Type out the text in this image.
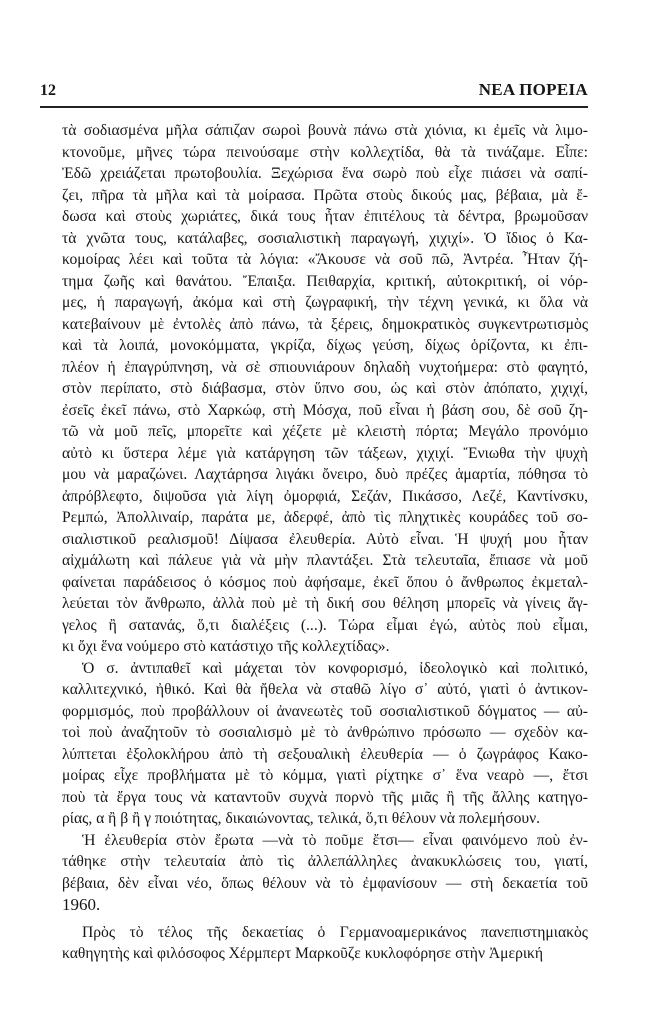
12	ΝΕΑ ΠΟΡΕΙΑ
τὰ σοδιασμένα μῆλα σάπιζαν σωροὶ βουνὰ πάνω στὰ χιόνια, κι ἐμεῖς νὰ λιμο-
κτονοῦμε, μῆνες τώρα πεινούσαμε στὴν κολλεχτίδα, θὰ τὰ τινάζαμε. Εἶπε:
Ἐδῶ χρειάζεται πρωτοβουλία. Ξεχώρισα ἕνα σωρὸ ποὺ εἶχε πιάσει νὰ σαπί-
ζει, πῆρα τὰ μῆλα καὶ τὰ μοίρασα. Πρῶτα στοὺς δικούς μας, βέβαια, μὰ ἔ-
δωσα καὶ στοὺς χωριάτες, δικά τους ἦταν ἐπιτέλους τὰ δέντρα, βρωμοῦσαν
τὰ χνῶτα τους, κατάλαβες, σοσιαλιστικὴ παραγωγή, χιχιχί». Ὁ ἴδιος ὁ Κα-
κομοίρας λέει καὶ τοῦτα τὰ λόγια: «Ἄκουσε νὰ σοῦ πῶ, Ἀντρέα. Ἦταν ζή-
τημα ζωῆς καὶ θανάτου. Ἔπαιξα. Πειθαρχία, κριτική, αὐτοκριτική, οἱ νόρ-
μες, ἡ παραγωγή, ἀκόμα καὶ στὴ ζωγραφική, τὴν τέχνη γενικά, κι ὅλα νὰ
κατεβαίνουν μὲ ἐντολὲς ἀπὸ πάνω, τὰ ξέρεις, δημοκρατικὸς συγκεντρωτισμὸς
καὶ τὰ λοιπά, μονοκόμματα, γκρίζα, δίχως γεύση, δίχως ὁρίζοντα, κι ἐπι-
πλέον ἡ ἐπαγρύπνηση, νὰ σὲ σπιουνιάρουν δηλαδὴ νυχτοήμερα: στὸ φαγητό,
στὸν περίπατο, στὸ διάβασμα, στὸν ὕπνο σου, ὡς καὶ στὸν ἀπόπατο, χιχιχί,
ἐσεῖς ἐκεῖ πάνω, στὸ Χαρκώφ, στὴ Μόσχα, ποῦ εἶναι ἡ βάση σου, δὲ σοῦ ζη-
τῶ νὰ μοῦ πεῖς, μπορεῖτε καὶ χέζετε μὲ κλειστὴ πόρτα; Μεγάλο προνόμιο
αὐτὸ κι ὕστερα λέμε γιὰ κατάργηση τῶν τάξεων, χιχιχί. Ἔνιωθα τὴν ψυχὴ
μου νὰ μαραζώνει. Λαχτάρησα λιγάκι ὄνειρο, δυὸ πρέζες ἁμαρτία, πόθησα τὸ
ἀπρόβλεφτο, διψοῦσα γιὰ λίγη ὀμορφιά, Σεζάν, Πικάσσο, Λεζέ, Καντίνσκυ,
Ρεμπώ, Ἀπολλιναίρ, παράτα με, ἀδερφέ, ἀπὸ τὶς πληχτικὲς κουράδες τοῦ σο-
σιαλιστικοῦ ρεαλισμοῦ! Δίψασα ἐλευθερία. Αὐτὸ εἶναι. Ἡ ψυχή μου ἦταν
αἰχμάλωτη καὶ πάλευε γιὰ νὰ μὴν πλαντάξει. Στὰ τελευταῖα, ἔπιασε νὰ μοῦ
φαίνεται παράδεισος ὁ κόσμος ποὺ ἀφήσαμε, ἐκεῖ ὅπου ὁ ἄνθρωπος ἐκμεταλ-
λεύεται τὸν ἄνθρωπο, ἀλλὰ ποὺ μὲ τὴ δική σου θέληση μπορεῖς νὰ γίνεις ἄγ-
γελος ἢ σατανάς, ὅ,τι διαλέξεις (...). Τώρα εἶμαι ἐγώ, αὐτὸς ποὺ εἶμαι,
κι ὄχι ἕνα νούμερο στὸ κατάστιχο τῆς κολλεχτίδας».
Ὁ σ. ἀντιπαθεῖ καὶ μάχεται τὸν κονφορισμό, ἰδεολογικὸ καὶ πολιτικό,
καλλιτεχνικό, ἠθικό. Καὶ θὰ ἤθελα νὰ σταθῶ λίγο σ᾽ αὐτό, γιατὶ ὁ ἀντικον-
φορμισμός, ποὺ προβάλλουν οἱ ἀνανεωτὲς τοῦ σοσιαλιστικοῦ δόγματος — αὐ-
τοὶ ποὺ ἀναζητοῦν τὸ σοσιαλισμὸ μὲ τὸ ἀνθρώπινο πρόσωπο — σχεδὸν κα-
λύπτεται ἐξολοκλήρου ἀπὸ τὴ σεξουαλικὴ ἐλευθερία — ὁ ζωγράφος Κακο-
μοίρας εἶχε προβλήματα μὲ τὸ κόμμα, γιατὶ ρίχτηκε σ᾽ ἕνα νεαρὸ —, ἔτσι
ποὺ τὰ ἔργα τους νὰ καταντοῦν συχνὰ πορνὸ τῆς μιᾶς ἢ τῆς ἄλλης κατηγο-
ρίας, α ἢ β ἢ γ ποιότητας, δικαιώνοντας, τελικά, ὅ,τι θέλουν νὰ πολεμήσουν.
Ἡ ἐλευθερία στὸν ἔρωτα —νὰ τὸ ποῦμε ἔτσι— εἶναι φαινόμενο ποὺ ἐν-
τάθηκε στὴν τελευταία ἀπὸ τὶς ἀλλεπάλληλες ἀνακυκλώσεις του, γιατί,
βέβαια, δὲν εἶναι νέο, ὅπως θέλουν νὰ τὸ ἐμφανίσουν — στὴ δεκαετία τοῦ
1960.
Πρὸς τὸ τέλος τῆς δεκαετίας ὁ Γερμανοαμερικάνος πανεπιστημιακὸς
καθηγητὴς καὶ φιλόσοφος Χέρμπερτ Μαρκοῦζε κυκλοφόρησε στὴν Ἀμερική
